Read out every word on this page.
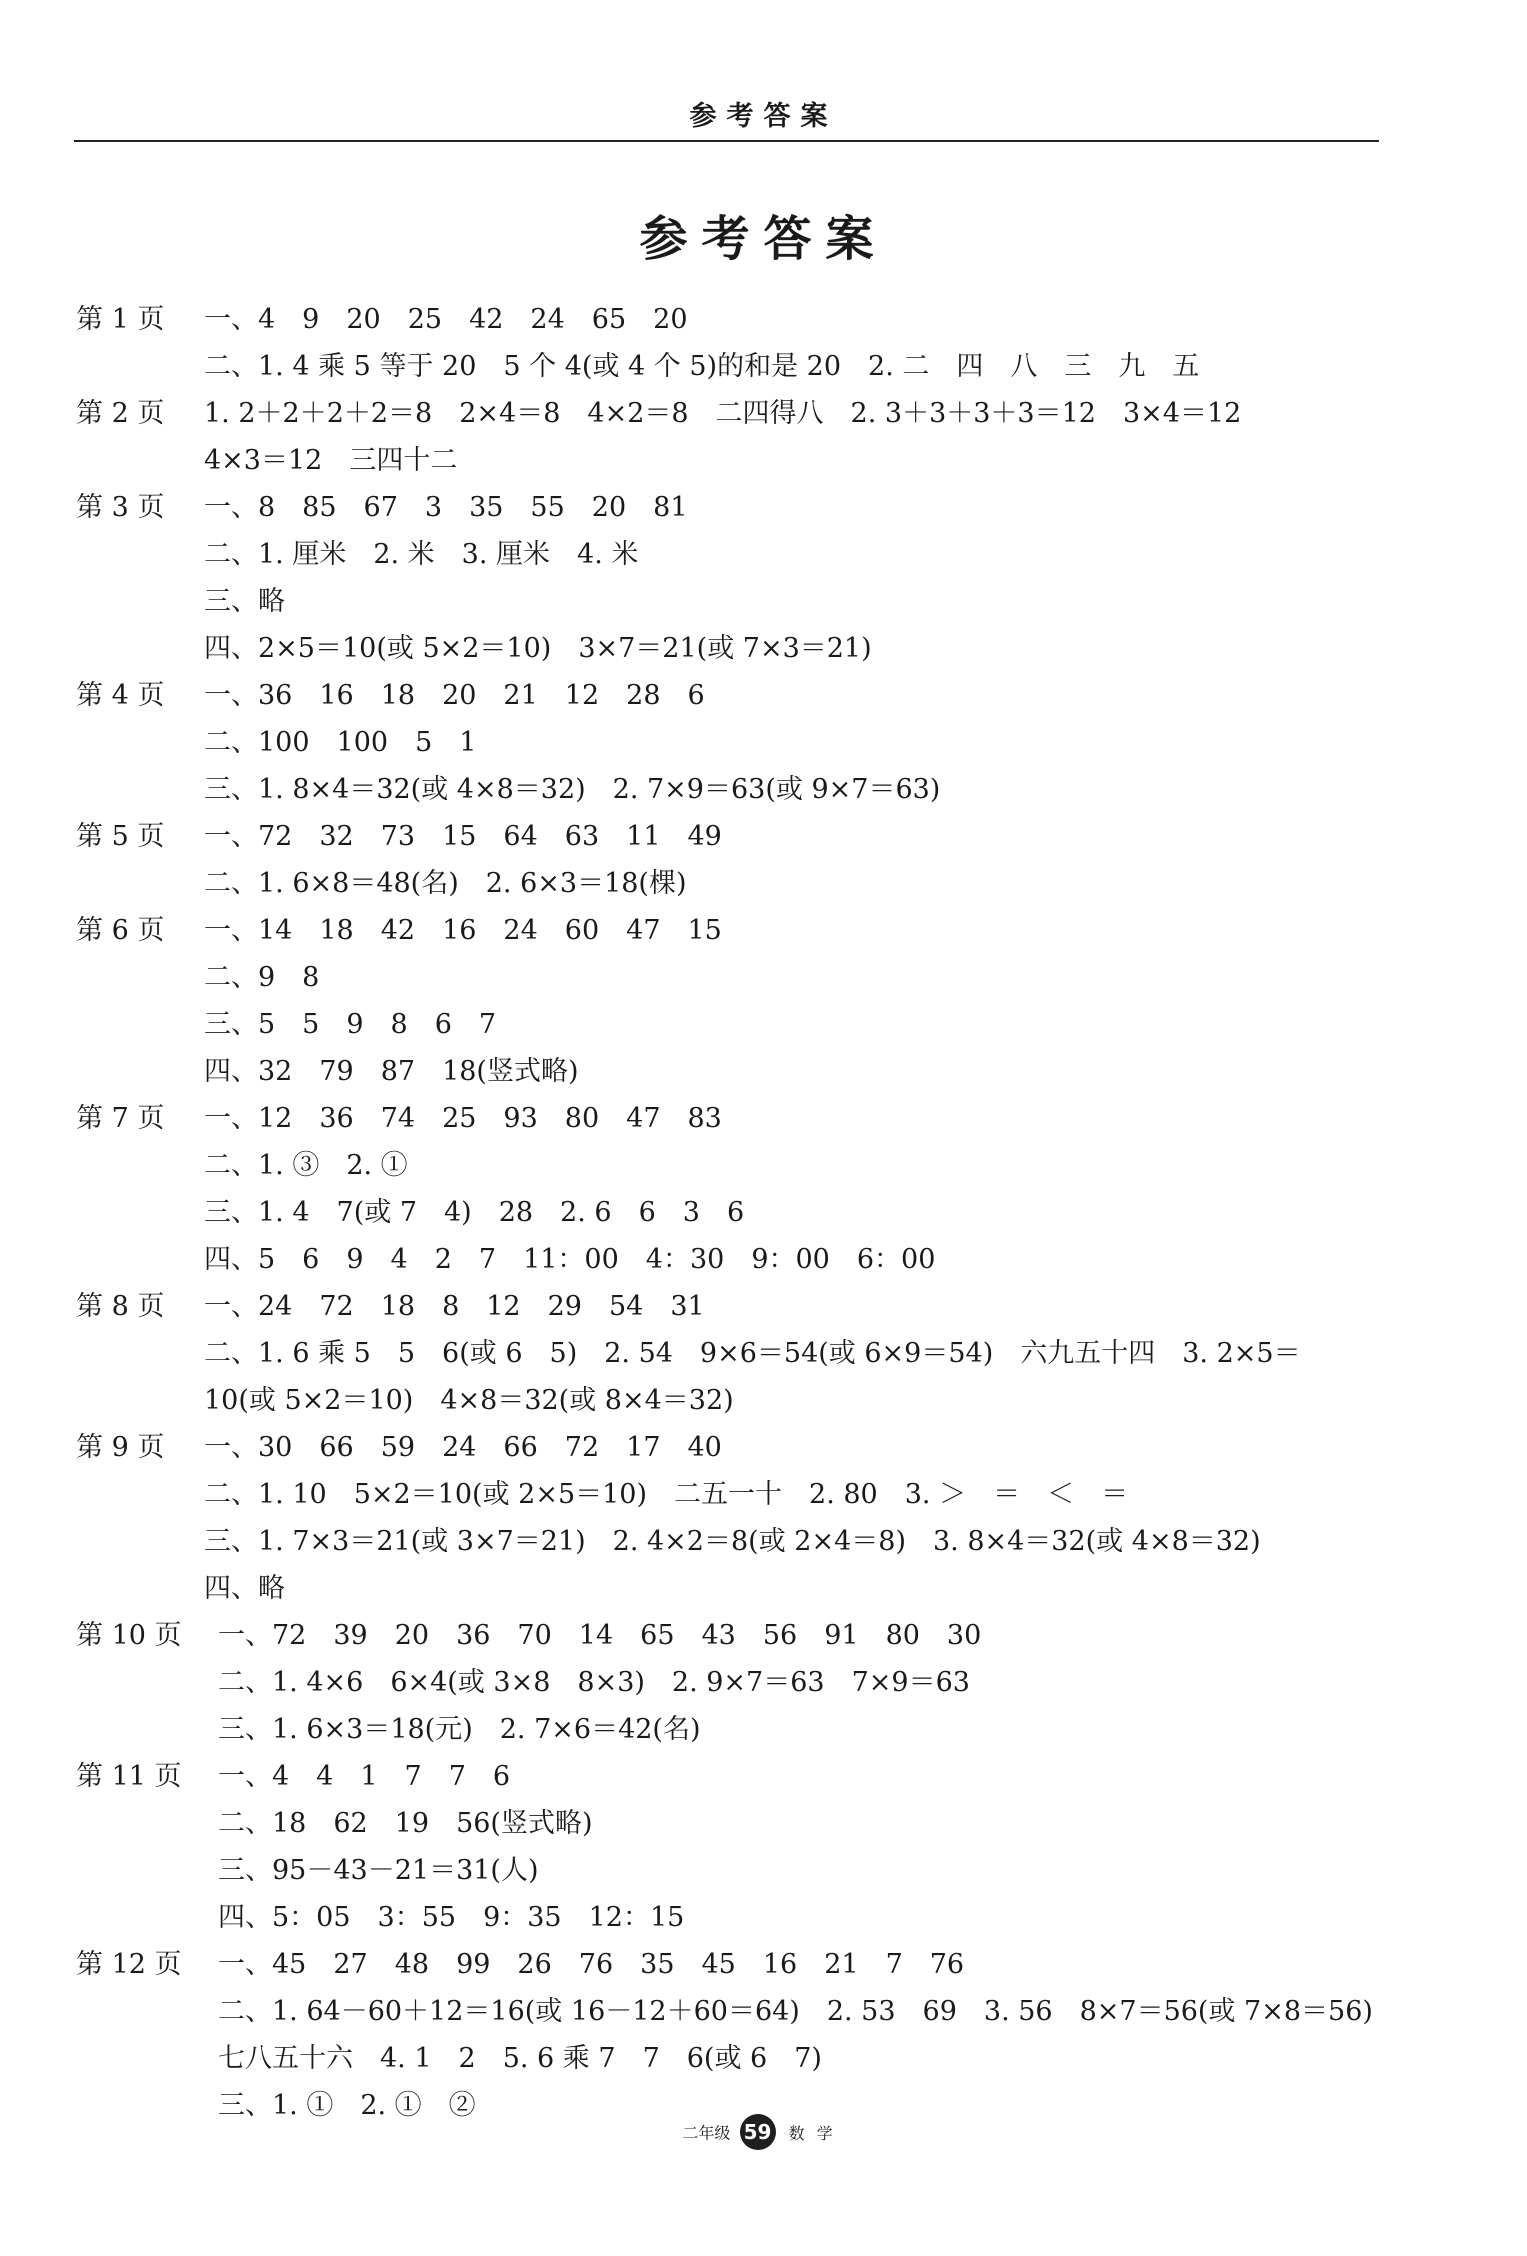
参考答案
参考答案
第 1 页 一、4　9　20　25　42　24　65　20
二、1. 4 乘 5 等于 20　5 个 4(或 4 个 5)的和是 20　2. 二　四　八　三　九　五
第 2 页 1. 2＋2＋2＋2＝8　2×4＝8　4×2＝8　二四得八　2. 3＋3＋3＋3＝12　3×4＝12
4×3＝12　三四十二
第 3 页 一、8　85　67　3　35　55　20　81
二、1. 厘米　2. 米　3. 厘米　4. 米
三、略
四、2×5＝10(或 5×2＝10)　3×7＝21(或 7×3＝21)
第 4 页 一、36　16　18　20　21　12　28　6
二、100　100　5　1
三、1. 8×4＝32(或 4×8＝32)　2. 7×9＝63(或 9×7＝63)
第 5 页 一、72　32　73　15　64　63　11　49
二、1. 6×8＝48(名)　2. 6×3＝18(棵)
第 6 页 一、14　18　42　16　24　60　47　15
二、9　8
三、5　5　9　8　6　7
四、32　79　87　18(竖式略)
第 7 页 一、12　36　74　25　93　80　47　83
二、1. ③　2. ①
三、1. 4　7(或 7　4)　28　2. 6　6　3　6
四、5　6　9　4　2　7　11：00　4：30　9：00　6：00
第 8 页 一、24　72　18　8　12　29　54　31
二、1. 6 乘 5　5　6(或 6　5)　2. 54　9×6＝54(或 6×9＝54)　六九五十四　3. 2×5＝
10(或 5×2＝10)　4×8＝32(或 8×4＝32)
第 9 页 一、30　66　59　24　66　72　17　40
二、1. 10　5×2＝10(或 2×5＝10)　二五一十　2. 80　3. ＞　＝　＜　＝
三、1. 7×3＝21(或 3×7＝21)　2. 4×2＝8(或 2×4＝8)　3. 8×4＝32(或 4×8＝32)
四、略
第 10 页 一、72　39　20　36　70　14　65　43　56　91　80　30
二、1. 4×6　6×4(或 3×8　8×3)　2. 9×7＝63　7×9＝63
三、1. 6×3＝18(元)　2. 7×6＝42(名)
第 11 页 一、4　4　1　7　7　6
二、18　62　19　56(竖式略)
三、95－43－21＝31(人)
四、5：05　3：55　9：35　12：15
第 12 页 一、45　27　48　99　26　76　35　45　16　21　7　76
二、1. 64－60＋12＝16(或 16－12＋60＝64)　2. 53　69　3. 56　8×7＝56(或 7×8＝56)
七八五十六　4. 1　2　5. 6 乘 7　7　6(或 6　7)
三、1. ①　2. ①　②
二年级 59 数学
